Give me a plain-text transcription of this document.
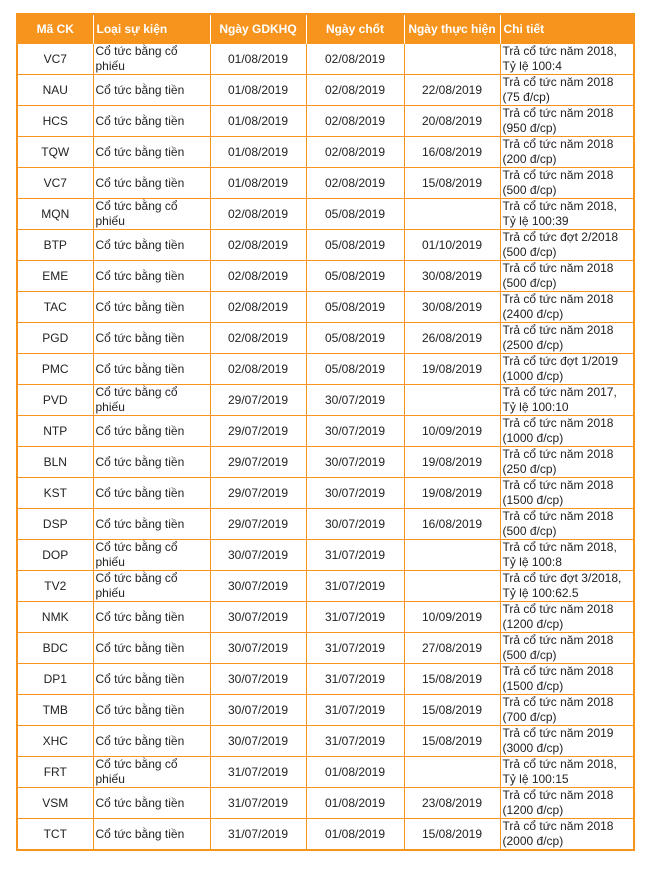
Mã CK	Loại sự kiện	Ngày GDKHQ	Ngày chốt	Ngày thực hiện	Chi tiết
VC7	Cổ tức bằng cổ phiếu	01/08/2019	02/08/2019		Trả cổ tức năm 2018, Tỷ lệ 100:4
NAU	Cổ tức bằng tiền	01/08/2019	02/08/2019	22/08/2019	Trả cổ tức năm 2018 (75 đ/cp)
HCS	Cổ tức bằng tiền	01/08/2019	02/08/2019	20/08/2019	Trả cổ tức năm 2018 (950 đ/cp)
TQW	Cổ tức bằng tiền	01/08/2019	02/08/2019	16/08/2019	Trả cổ tức năm 2018 (200 đ/cp)
VC7	Cổ tức bằng tiền	01/08/2019	02/08/2019	15/08/2019	Trả cổ tức năm 2018 (500 đ/cp)
MQN	Cổ tức bằng cổ phiếu	02/08/2019	05/08/2019		Trả cổ tức năm 2018, Tỷ lệ 100:39
BTP	Cổ tức bằng tiền	02/08/2019	05/08/2019	01/10/2019	Trả cổ tức đợt 2/2018 (500 đ/cp)
EME	Cổ tức bằng tiền	02/08/2019	05/08/2019	30/08/2019	Trả cổ tức năm 2018 (500 đ/cp)
TAC	Cổ tức bằng tiền	02/08/2019	05/08/2019	30/08/2019	Trả cổ tức năm 2018 (2400 đ/cp)
PGD	Cổ tức bằng tiền	02/08/2019	05/08/2019	26/08/2019	Trả cổ tức năm 2018 (2500 đ/cp)
PMC	Cổ tức bằng tiền	02/08/2019	05/08/2019	19/08/2019	Trả cổ tức đợt 1/2019 (1000 đ/cp)
PVD	Cổ tức bằng cổ phiếu	29/07/2019	30/07/2019		Trả cổ tức năm 2017, Tỷ lệ 100:10
NTP	Cổ tức bằng tiền	29/07/2019	30/07/2019	10/09/2019	Trả cổ tức năm 2018 (1000 đ/cp)
BLN	Cổ tức bằng tiền	29/07/2019	30/07/2019	19/08/2019	Trả cổ tức năm 2018 (250 đ/cp)
KST	Cổ tức bằng tiền	29/07/2019	30/07/2019	19/08/2019	Trả cổ tức năm 2018 (1500 đ/cp)
DSP	Cổ tức bằng tiền	29/07/2019	30/07/2019	16/08/2019	Trả cổ tức năm 2018 (500 đ/cp)
DOP	Cổ tức bằng cổ phiếu	30/07/2019	31/07/2019		Trả cổ tức năm 2018, Tỷ lệ 100:8
TV2	Cổ tức bằng cổ phiếu	30/07/2019	31/07/2019		Trả cổ tức đợt 3/2018, Tỷ lệ 100:62.5
NMK	Cổ tức bằng tiền	30/07/2019	31/07/2019	10/09/2019	Trả cổ tức năm 2018 (1200 đ/cp)
BDC	Cổ tức bằng tiền	30/07/2019	31/07/2019	27/08/2019	Trả cổ tức năm 2018 (500 đ/cp)
DP1	Cổ tức bằng tiền	30/07/2019	31/07/2019	15/08/2019	Trả cổ tức năm 2018 (1500 đ/cp)
TMB	Cổ tức bằng tiền	30/07/2019	31/07/2019	15/08/2019	Trả cổ tức năm 2018 (700 đ/cp)
XHC	Cổ tức bằng tiền	30/07/2019	31/07/2019	15/08/2019	Trả cổ tức năm 2019 (3000 đ/cp)
FRT	Cổ tức bằng cổ phiếu	31/07/2019	01/08/2019		Trả cổ tức năm 2018, Tỷ lệ 100:15
VSM	Cổ tức bằng tiền	31/07/2019	01/08/2019	23/08/2019	Trả cổ tức năm 2018 (1200 đ/cp)
TCT	Cổ tức bằng tiền	31/07/2019	01/08/2019	15/08/2019	Trả cổ tức năm 2018 (2000 đ/cp)
